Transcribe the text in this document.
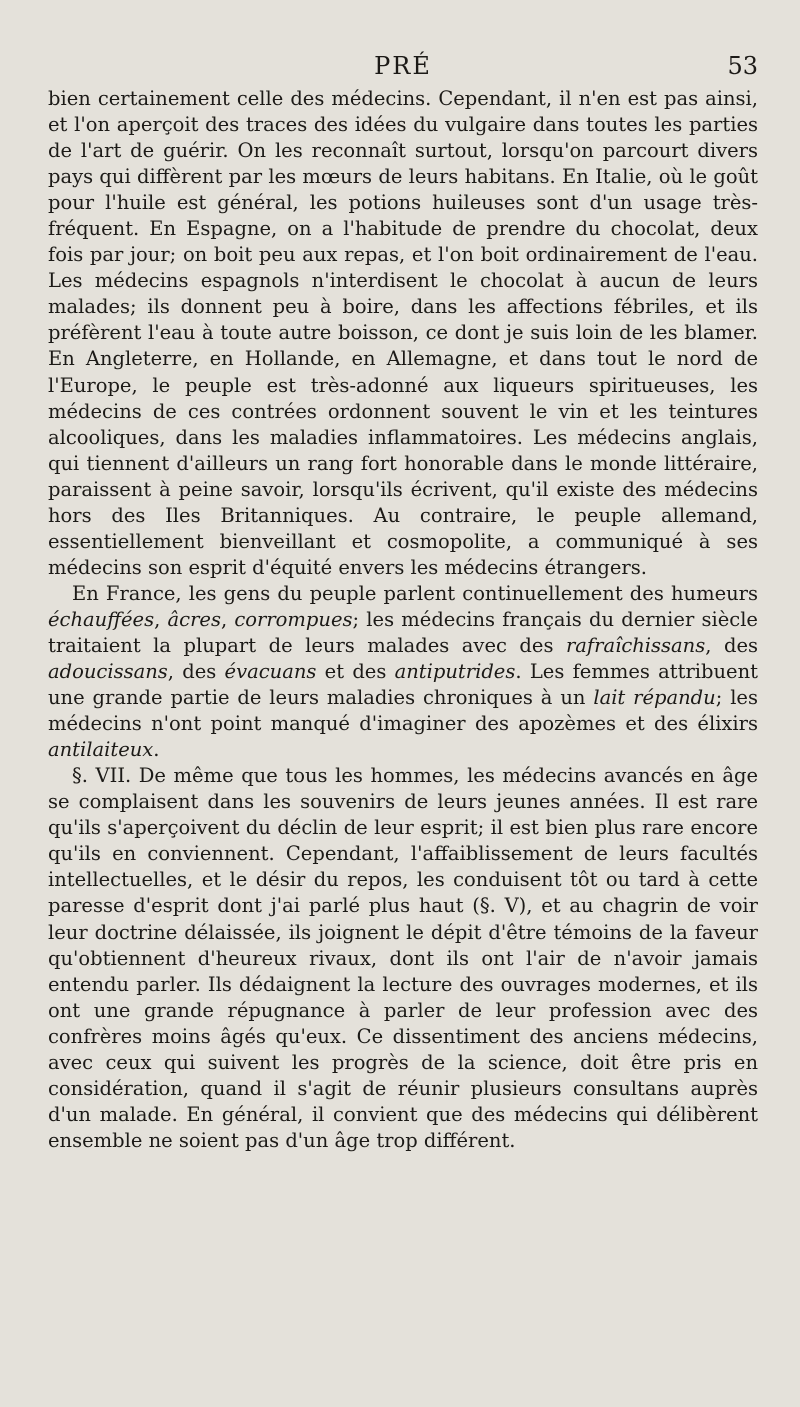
PRÉ	53

bien certainement celle des médecins. Cependant, il n'en est pas ainsi, et l'on aperçoit des traces des idées du vulgaire dans toutes les parties de l'art de guérir. On les reconnaît surtout, lorsqu'on parcourt divers pays qui diffèrent par les mœurs de leurs habitans. En Italie, où le goût pour l'huile est général, les potions huileuses sont d'un usage très-fréquent. En Espagne, on a l'habitude de prendre du chocolat, deux fois par jour; on boit peu aux repas, et l'on boit ordinairement de l'eau. Les médecins espagnols n'interdisent le chocolat à aucun de leurs malades; ils donnent peu à boire, dans les affections fébriles, et ils préfèrent l'eau à toute autre boisson, ce dont je suis loin de les blamer. En Angleterre, en Hollande, en Allemagne, et dans tout le nord de l'Europe, le peuple est très-adonné aux liqueurs spiritueuses, les médecins de ces contrées ordonnent souvent le vin et les teintures alcooliques, dans les maladies inflammatoires. Les médecins anglais, qui tiennent d'ailleurs un rang fort honorable dans le monde littéraire, paraissent à peine savoir, lorsqu'ils écrivent, qu'il existe des médecins hors des Iles Britanniques. Au contraire, le peuple allemand, essentiellement bienveillant et cosmopolite, a communiqué à ses médecins son esprit d'équité envers les médecins étrangers.

En France, les gens du peuple parlent continuellement des humeurs échauffées, âcres, corrompues; les médecins français du dernier siècle traitaient la plupart de leurs malades avec des rafraîchissans, des adoucissans, des évacuans et des antiputrides. Les femmes attribuent une grande partie de leurs maladies chroniques à un lait répandu; les médecins n'ont point manqué d'imaginer des apozèmes et des élixirs antilaiteux.

§. VII. De même que tous les hommes, les médecins avancés en âge se complaisent dans les souvenirs de leurs jeunes années. Il est rare qu'ils s'aperçoivent du déclin de leur esprit; il est bien plus rare encore qu'ils en conviennent. Cependant, l'affaiblissement de leurs facultés intellectuelles, et le désir du repos, les conduisent tôt ou tard à cette paresse d'esprit dont j'ai parlé plus haut (§. V), et au chagrin de voir leur doctrine délaissée, ils joignent le dépit d'être témoins de la faveur qu'obtiennent d'heureux rivaux, dont ils ont l'air de n'avoir jamais entendu parler. Ils dédaignent la lecture des ouvrages modernes, et ils ont une grande répugnance à parler de leur profession avec des confrères moins âgés qu'eux. Ce dissentiment des anciens médecins, avec ceux qui suivent les progrès de la science, doit être pris en considération, quand il s'agit de réunir plusieurs consultans auprès d'un malade. En général, il convient que des médecins qui délibèrent ensemble ne soient pas d'un âge trop différent.
